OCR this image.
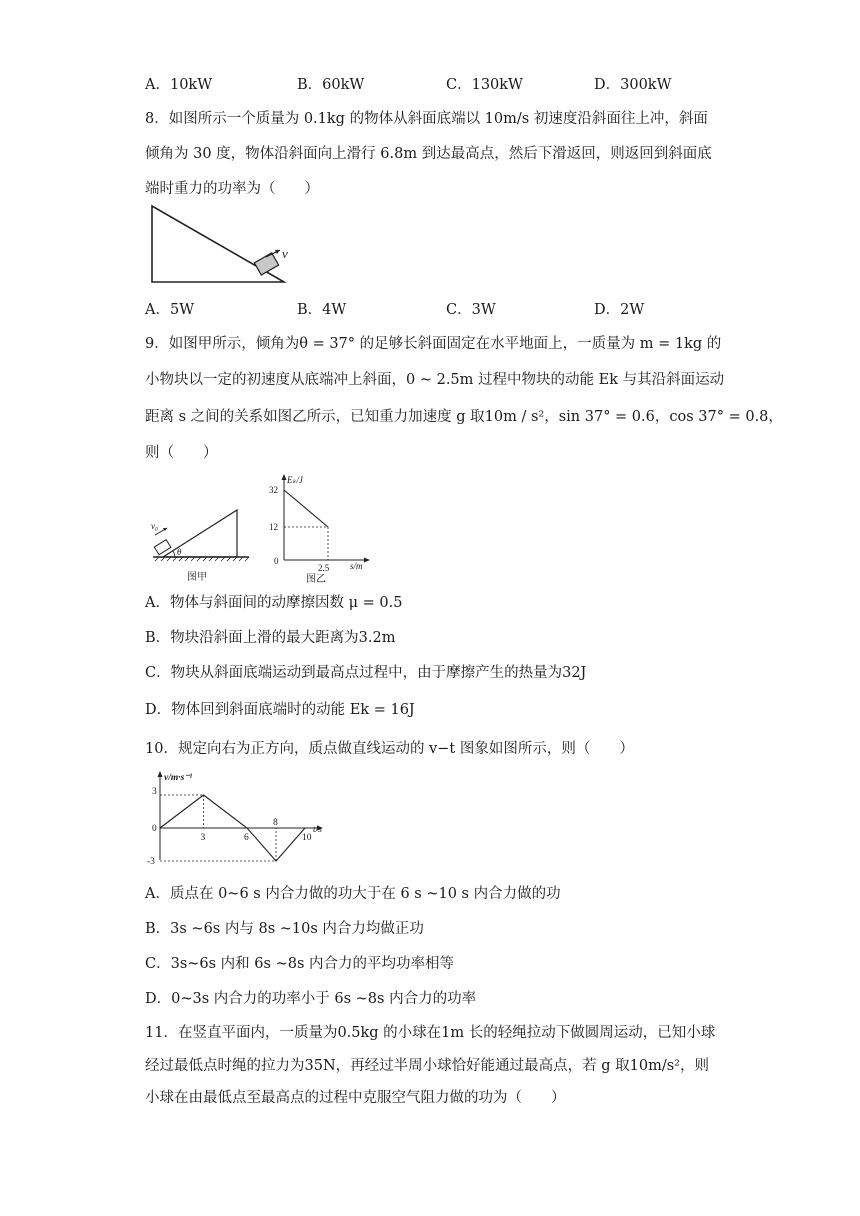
A．10kW	B．60kW	C．130kW	D．300kW
8．如图所示一个质量为 0.1kg 的物体从斜面底端以 10m/s 初速度沿斜面往上冲，斜面
倾角为 30 度，物体沿斜面向上滑行 6.8m 到达最高点，然后下滑返回，则返回到斜面底
端时重力的功率为（　　）
v
A．5W	B．4W	C．3W	D．2W
9．如图甲所示，倾角为θ = 37° 的足够长斜面固定在水平地面上，一质量为 m = 1kg 的
小物块以一定的初速度从底端冲上斜面，0 ~ 2.5m 过程中物块的动能 Ek 与其沿斜面运动
距离 s 之间的关系如图乙所示，已知重力加速度 g 取10m / s²，sin 37° = 0.6，cos 37° = 0.8，
则（　　）
v₀
θ
图甲
Eₖ/J
s/m
32
12
0
2.5
图乙
A．物体与斜面间的动摩擦因数 μ = 0.5
B．物块沿斜面上滑的最大距离为3.2m
C．物块从斜面底端运动到最高点过程中，由于摩擦产生的热量为32J
D．物体回到斜面底端时的动能 Ek = 16J
10．规定向右为正方向，质点做直线运动的 v−t 图象如图所示，则（　　）
v/m·s⁻¹
t/s
3
0
-3
3	6
8
10
A．质点在 0~6 s 内合力做的功大于在 6 s ~10 s 内合力做的功
B．3s ~6s 内与 8s ~10s 内合力均做正功
C．3s~6s 内和 6s ~8s 内合力的平均功率相等
D．0~3s 内合力的功率小于 6s ~8s 内合力的功率
11．在竖直平面内，一质量为0.5kg 的小球在1m 长的轻绳拉动下做圆周运动，已知小球
经过最低点时绳的拉力为35N，再经过半周小球恰好能通过最高点，若 g 取10m/s²，则
小球在由最低点至最高点的过程中克服空气阻力做的功为（　　）
